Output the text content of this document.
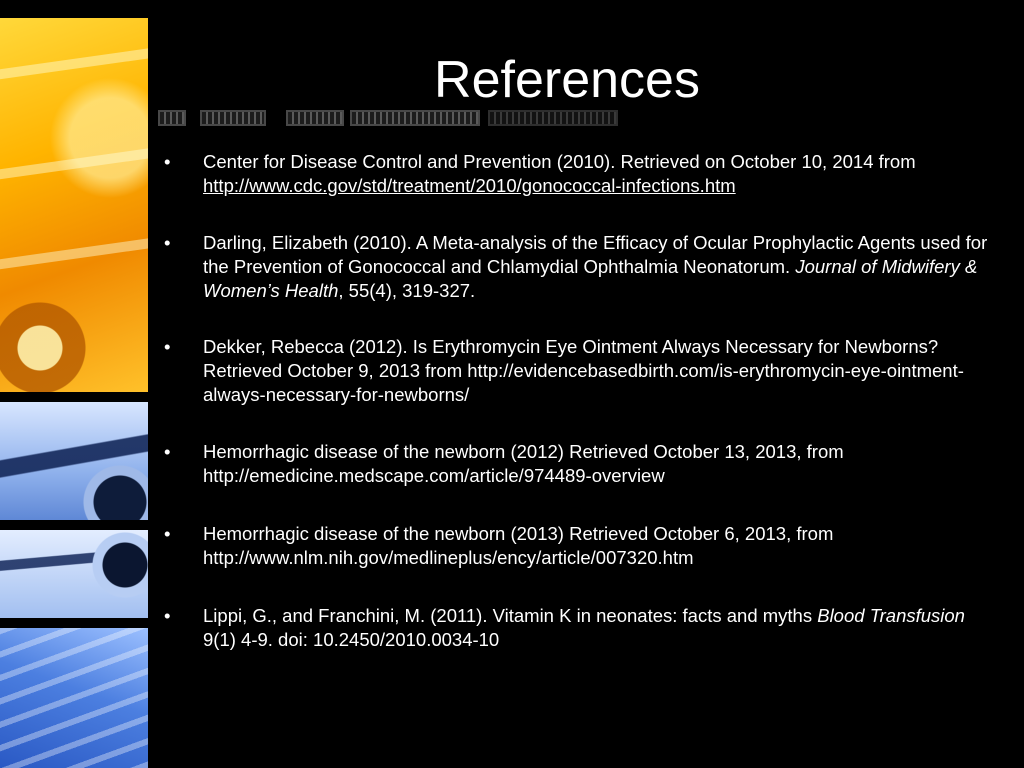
References
• Center for Disease Control and Prevention (2010). Retrieved on October 10, 2014 from http://www.cdc.gov/std/treatment/2010/gonococcal-infections.htm
• Darling, Elizabeth (2010). A Meta-analysis of the Efficacy of Ocular Prophylactic Agents used for the Prevention of Gonococcal and Chlamydial Ophthalmia Neonatorum. Journal of Midwifery & Women’s Health, 55(4), 319-327.
• Dekker, Rebecca (2012). Is Erythromycin Eye Ointment Always Necessary for Newborns? Retrieved October 9, 2013 from http://evidencebasedbirth.com/is-erythromycin-eye-ointment-always-necessary-for-newborns/
• Hemorrhagic disease of the newborn (2012) Retrieved October 13, 2013, from http://emedicine.medscape.com/article/974489-overview
• Hemorrhagic disease of the newborn (2013) Retrieved October 6, 2013, from http://www.nlm.nih.gov/medlineplus/ency/article/007320.htm
• Lippi, G., and Franchini, M. (2011). Vitamin K in neonates: facts and myths Blood Transfusion 9(1) 4-9. doi: 10.2450/2010.0034-10
